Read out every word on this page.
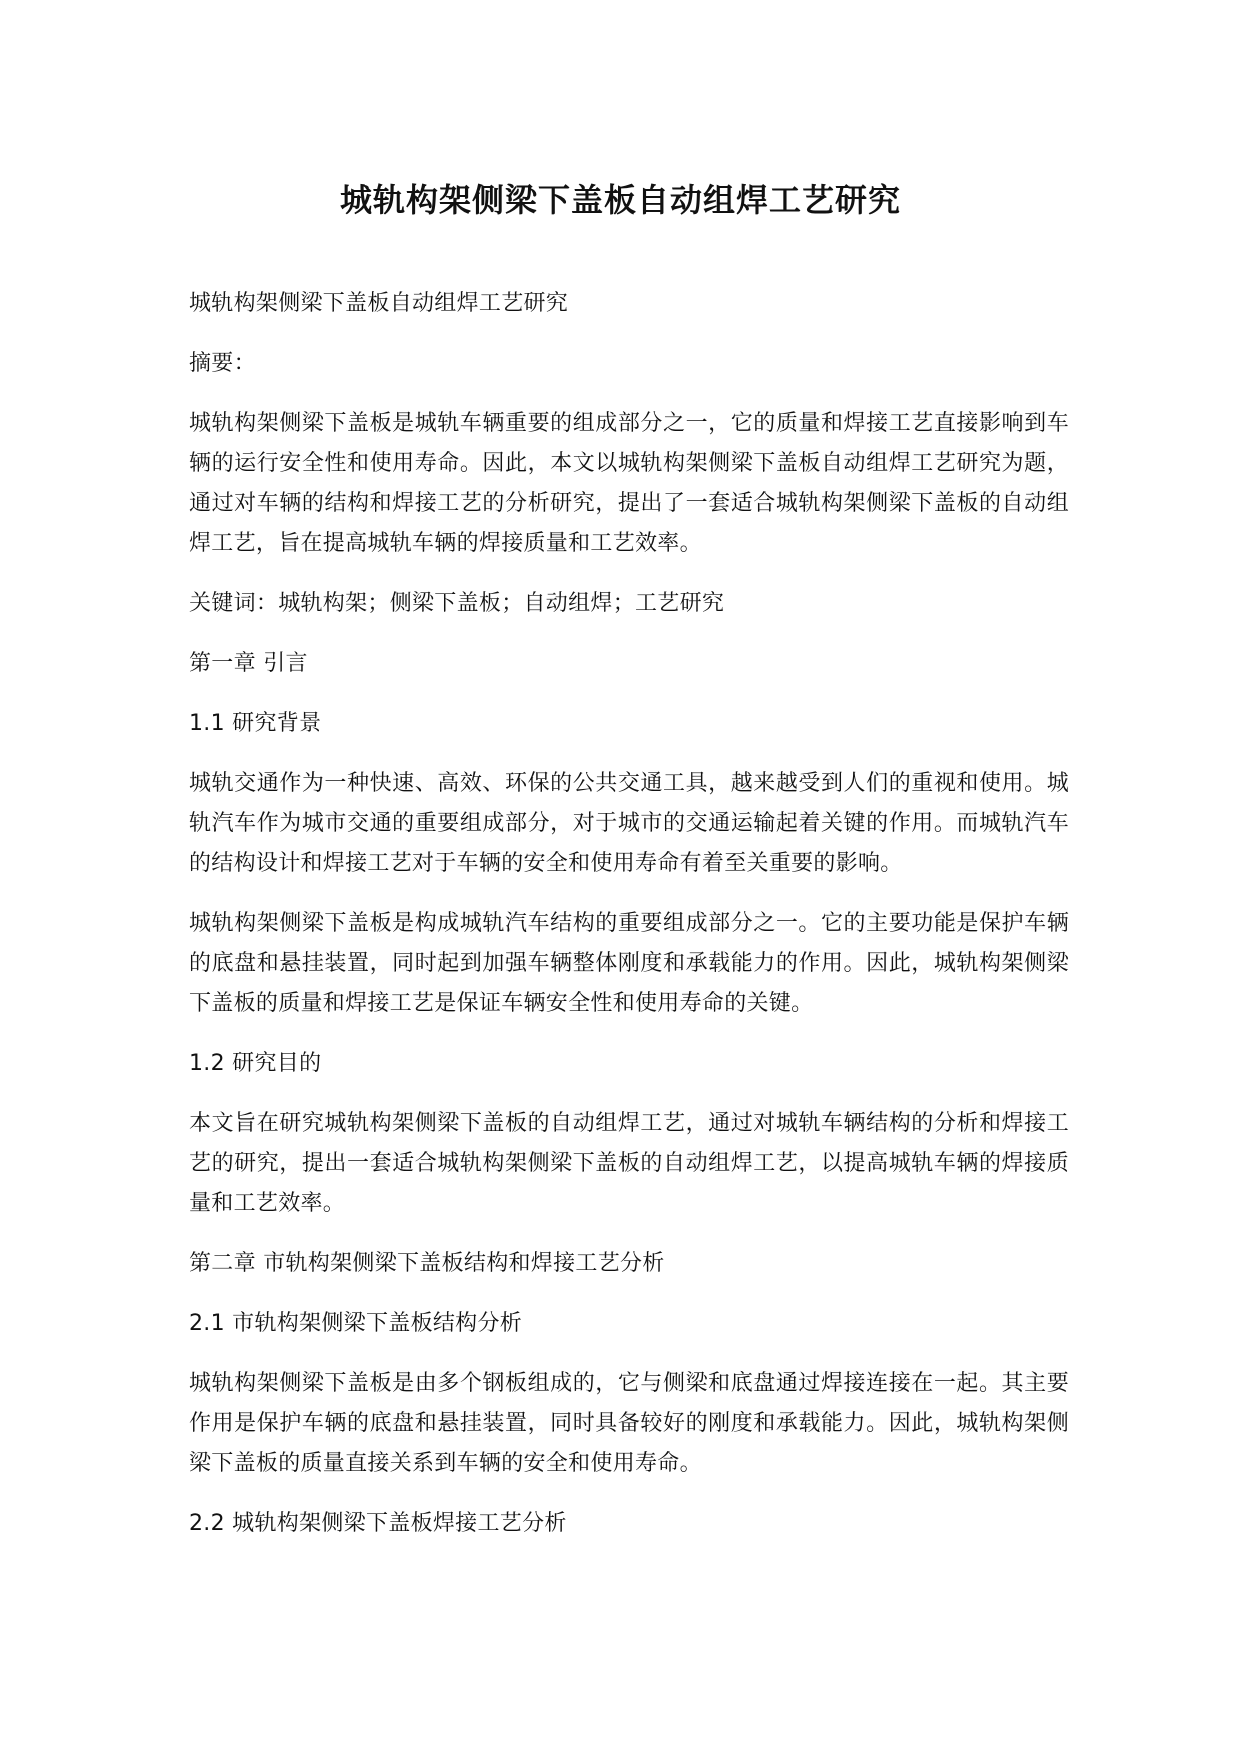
城轨构架侧梁下盖板自动组焊工艺研究

城轨构架侧梁下盖板自动组焊工艺研究

摘要：

城轨构架侧梁下盖板是城轨车辆重要的组成部分之一，它的质量和焊接工艺直接影响到车辆的运行安全性和使用寿命。因此，本文以城轨构架侧梁下盖板自动组焊工艺研究为题，通过对车辆的结构和焊接工艺的分析研究，提出了一套适合城轨构架侧梁下盖板的自动组焊工艺，旨在提高城轨车辆的焊接质量和工艺效率。

关键词：城轨构架；侧梁下盖板；自动组焊；工艺研究

第一章 引言

1.1 研究背景

城轨交通作为一种快速、高效、环保的公共交通工具，越来越受到人们的重视和使用。城轨汽车作为城市交通的重要组成部分，对于城市的交通运输起着关键的作用。而城轨汽车的结构设计和焊接工艺对于车辆的安全和使用寿命有着至关重要的影响。

城轨构架侧梁下盖板是构成城轨汽车结构的重要组成部分之一。它的主要功能是保护车辆的底盘和悬挂装置，同时起到加强车辆整体刚度和承载能力的作用。因此，城轨构架侧梁下盖板的质量和焊接工艺是保证车辆安全性和使用寿命的关键。

1.2 研究目的

本文旨在研究城轨构架侧梁下盖板的自动组焊工艺，通过对城轨车辆结构的分析和焊接工艺的研究，提出一套适合城轨构架侧梁下盖板的自动组焊工艺，以提高城轨车辆的焊接质量和工艺效率。

第二章 市轨构架侧梁下盖板结构和焊接工艺分析

2.1 市轨构架侧梁下盖板结构分析

城轨构架侧梁下盖板是由多个钢板组成的，它与侧梁和底盘通过焊接连接在一起。其主要作用是保护车辆的底盘和悬挂装置，同时具备较好的刚度和承载能力。因此，城轨构架侧梁下盖板的质量直接关系到车辆的安全和使用寿命。

2.2 城轨构架侧梁下盖板焊接工艺分析
